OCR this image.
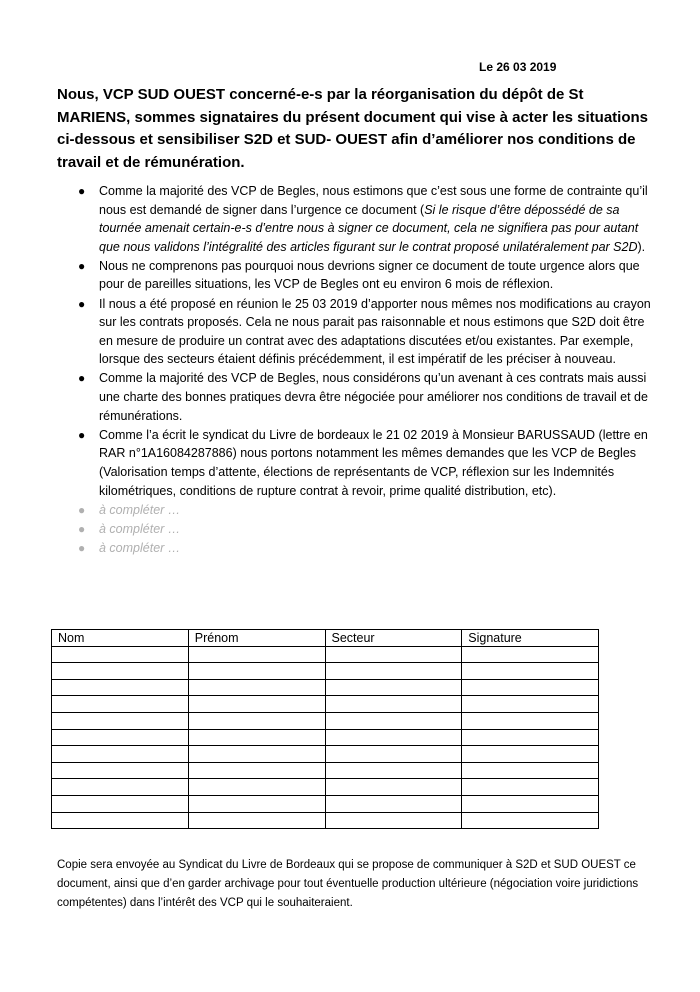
Le 26 03 2019

Nous, VCP SUD OUEST concerné-e-s par la réorganisation du dépôt de St MARIENS, sommes signataires du présent document qui vise à acter les situations ci-dessous et sensibiliser S2D et SUD- OUEST afin d’améliorer nos conditions de travail et de rémunération.

● Comme la majorité des VCP de Begles, nous estimons que c’est sous une forme de contrainte qu’il nous est demandé de signer dans l’urgence ce document (Si le risque d’être dépossédé de sa tournée amenait certain-e-s d’entre nous à signer ce document, cela ne signifiera pas pour autant que nous validons l’intégralité des articles figurant sur le contrat proposé unilatéralement par S2D).
● Nous ne comprenons pas pourquoi nous devrions signer ce document de toute urgence alors que pour de pareilles situations, les VCP de Begles ont eu environ 6 mois de réflexion.
● Il nous a été proposé en réunion le 25 03 2019 d’apporter nous mêmes nos modifications au crayon sur les contrats proposés. Cela ne nous parait pas raisonnable et nous estimons que S2D doit être en mesure de produire un contrat avec des adaptations discutées et/ou existantes. Par exemple, lorsque des secteurs étaient définis précédemment, il est impératif de les préciser à nouveau.
● Comme la majorité des VCP de Begles, nous considérons qu’un avenant à ces contrats mais aussi une charte des bonnes pratiques devra être négociée pour améliorer nos conditions de travail et de rémunérations.
● Comme l’a écrit le syndicat du Livre de bordeaux le 21 02 2019 à Monsieur BARUSSAUD (lettre en RAR n°1A16084287886) nous portons notamment les mêmes demandes que les VCP de Begles (Valorisation temps d’attente, élections de représentants de VCP, réflexion sur les Indemnités kilométriques, conditions de rupture contrat à revoir, prime qualité distribution, etc).
● à compléter …
● à compléter …
● à compléter …
Nom	Prénom	Secteur	Signature

Copie sera envoyée au Syndicat du Livre de Bordeaux qui se propose de communiquer à S2D et SUD OUEST ce document, ainsi que d’en garder archivage pour tout éventuelle production ultérieure (négociation voire juridictions compétentes) dans l’intérêt des VCP qui le souhaiteraient.
